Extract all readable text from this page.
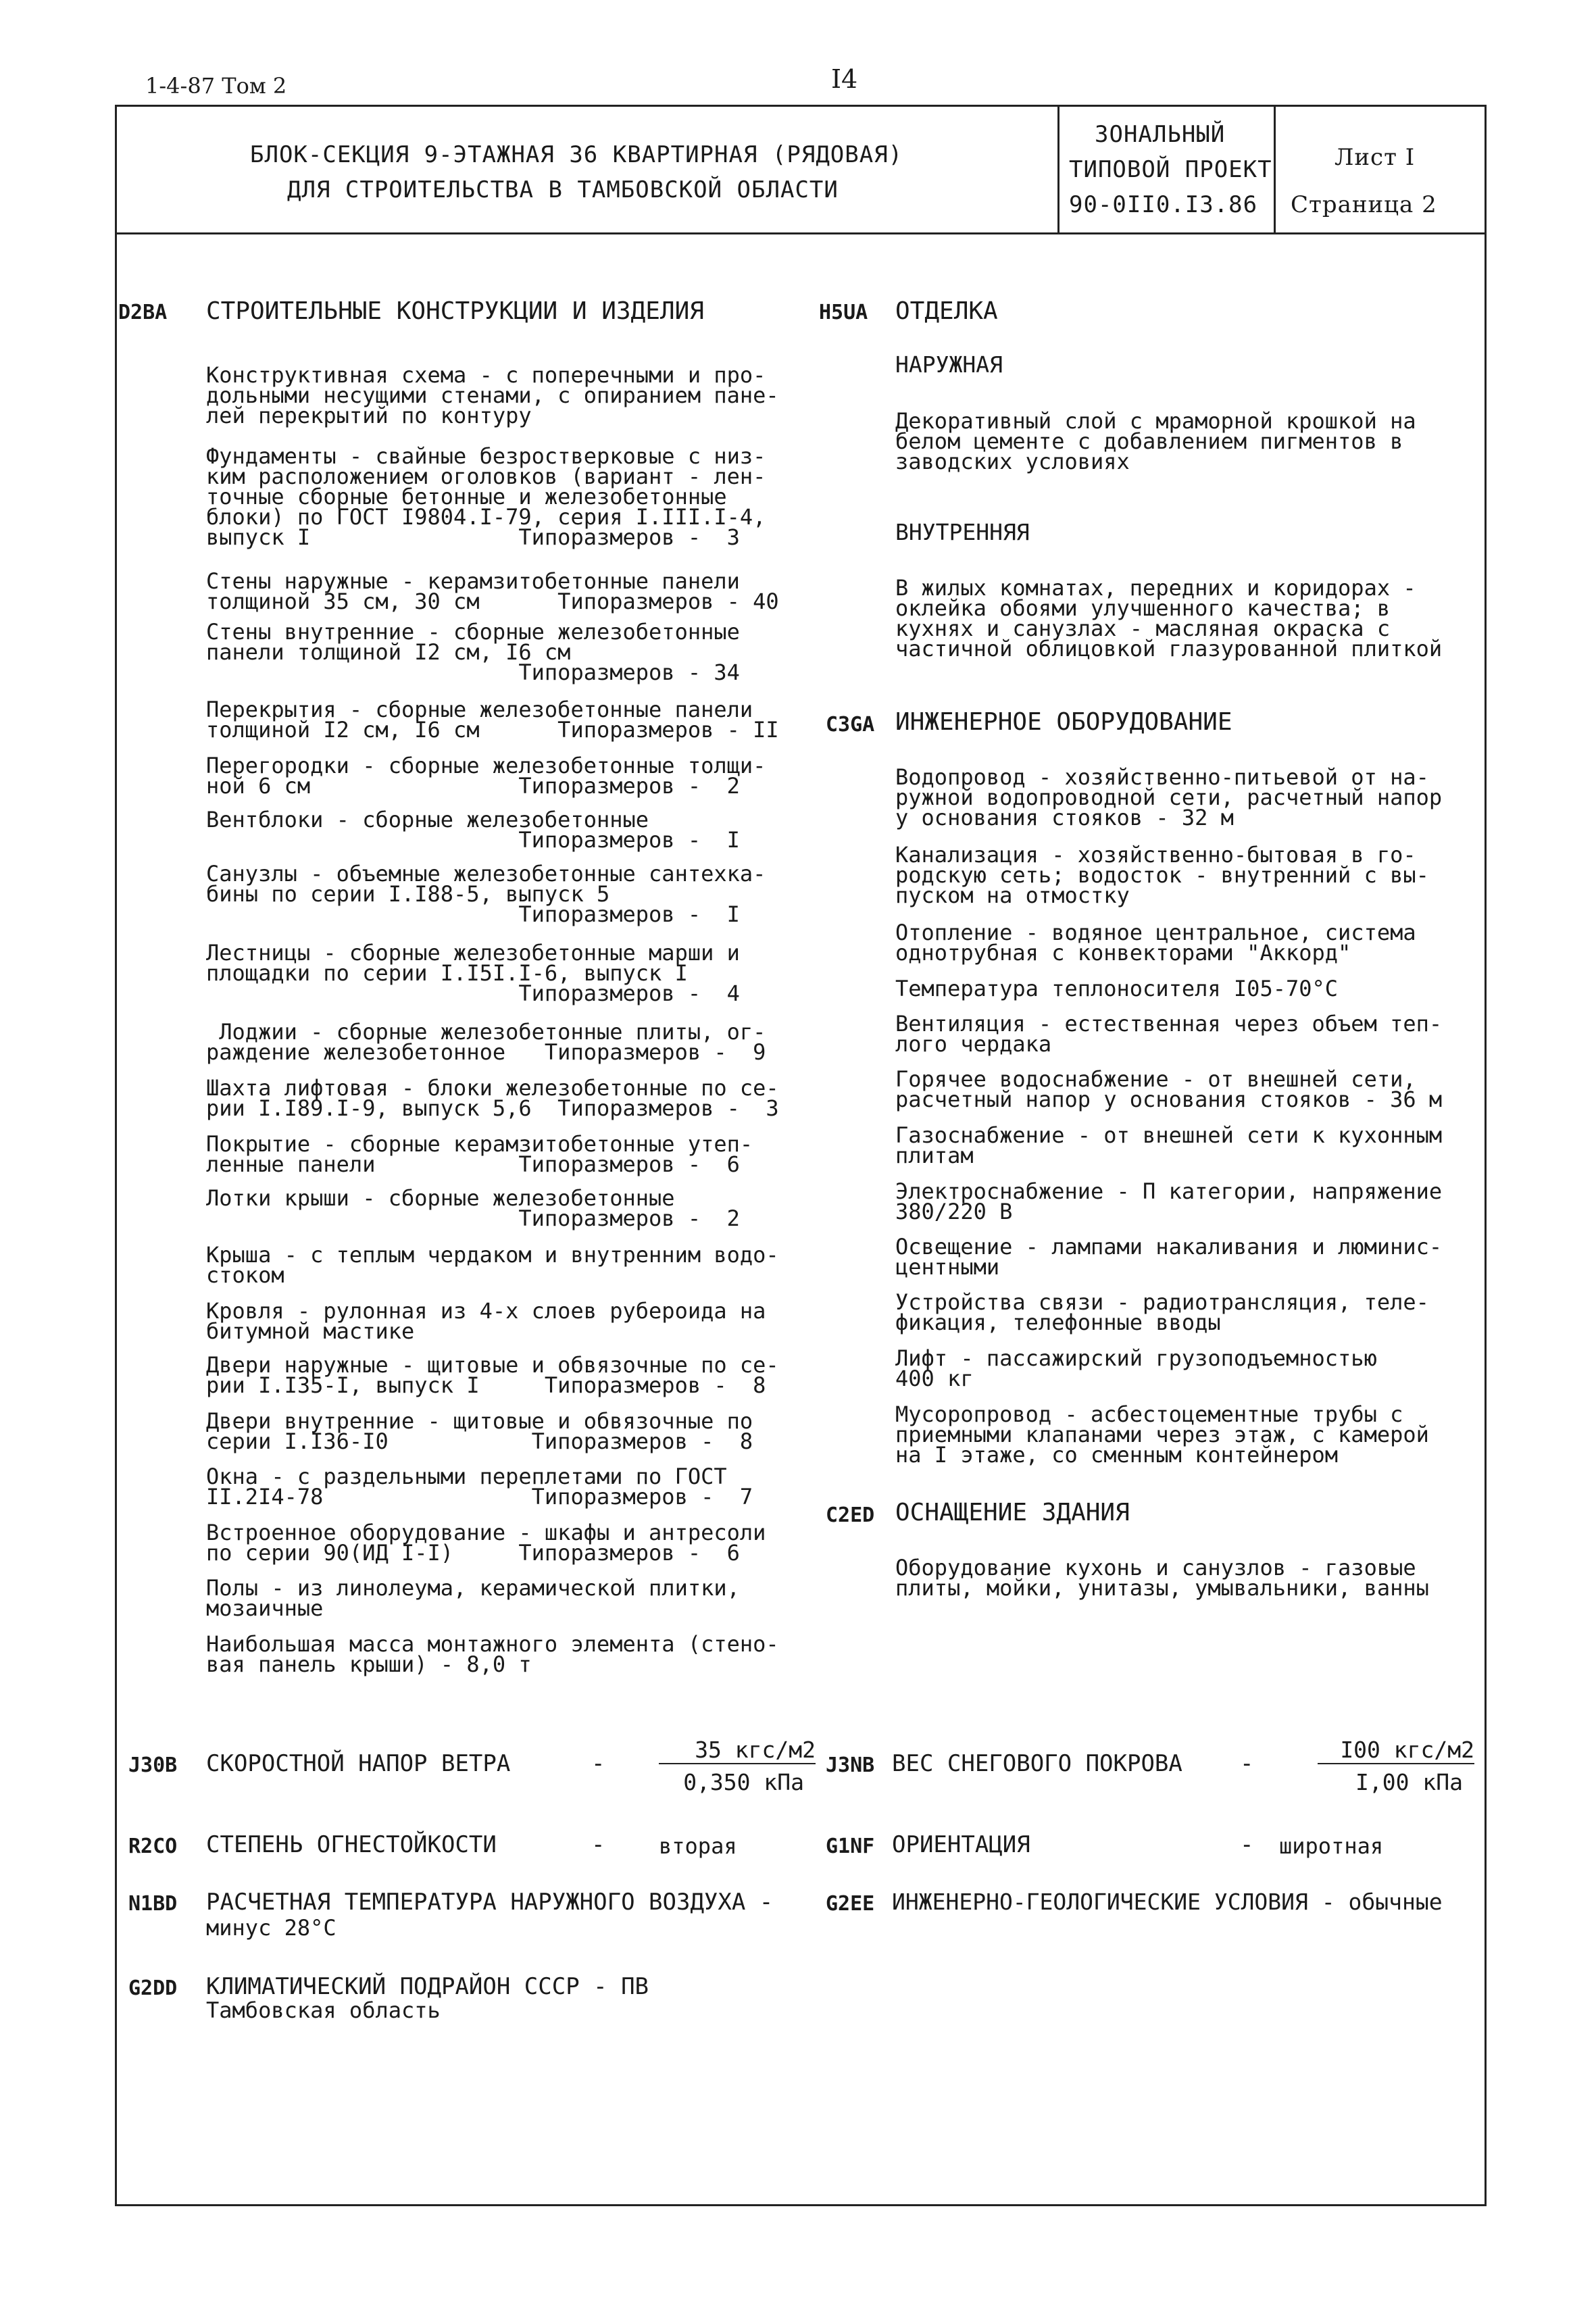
1-4-87 Том 2	I4
БЛОК-СЕКЦИЯ 9-ЭТАЖНАЯ 36 КВАРТИРНАЯ (РЯДОВАЯ)
ДЛЯ СТРОИТЕЛЬСТВА В ТАМБОВСКОЙ ОБЛАСТИ
ЗОНАЛЬНЫЙ
ТИПОВОЙ ПРОЕКТ
90-0II0.I3.86
Лист I
Страница 2
D2BA СТРОИТЕЛЬНЫЕ КОНСТРУКЦИИ И ИЗДЕЛИЯ
Конструктивная схема - с поперечными и про-
дольными несущими стенами, с опиранием пане-
лей перекрытий по контуру
Фундаменты - свайные безростверковые с низ-
ким расположением оголовков (вариант - лен-
точные сборные бетонные и железобетонные
блоки) по ГОСТ I9804.I-79, серия I.III.I-4,
выпуск I                Типоразмеров -  3
Стены наружные - керамзитобетонные панели
толщиной 35 см, 30 см      Типоразмеров - 40
Стены внутренние - сборные железобетонные
панели толщиной I2 см, I6 см
Типоразмеров - 34
Перекрытия - сборные железобетонные панели
толщиной I2 см, I6 см      Типоразмеров - II
Перегородки - сборные железобетонные толщи-
ной 6 см                Типоразмеров -  2
Вентблоки - сборные железобетонные
Типоразмеров -  I
Санузлы - объемные железобетонные сантехка-
бины по серии I.I88-5, выпуск 5
Типоразмеров -  I
Лестницы - сборные железобетонные марши и
площадки по серии I.I5I.I-6, выпуск I
Типоразмеров -  4
Лоджии - сборные железобетонные плиты, ог-
раждение железобетонное   Типоразмеров -  9
Шахта лифтовая - блоки железобетонные по се-
рии I.I89.I-9, выпуск 5,6  Типоразмеров -  3
Покрытие - сборные керамзитобетонные утеп-
ленные панели           Типоразмеров -  6
Лотки крыши - сборные железобетонные
Типоразмеров -  2
Крыша - с теплым чердаком и внутренним водо-
стоком
Кровля - рулонная из 4-х слоев рубероида на
битумной мастике
Двери наружные - щитовые и обвязочные по се-
рии I.I35-I, выпуск I     Типоразмеров -  8
Двери внутренние - щитовые и обвязочные по
серии I.I36-I0           Типоразмеров -  8
Окна - с раздельными переплетами по ГОСТ
II.2I4-78                Типоразмеров -  7
Встроенное оборудование - шкафы и антресоли
по серии 90(ИД I-I)     Типоразмеров -  6
Полы - из линолеума, керамической плитки,
мозаичные
Наибольшая масса монтажного элемента (стено-
вая панель крыши) - 8,0 т
H5UA ОТДЕЛКА
НАРУЖНАЯ
Декоративный слой с мраморной крошкой на
белом цементе с добавлением пигментов в
заводских условиях
ВНУТРЕННЯЯ
В жилых комнатах, передних и коридорах -
оклейка обоями улучшенного качества; в
кухнях и санузлах - масляная окраска с
частичной облицовкой глазурованной плиткой
C3GA ИНЖЕНЕРНОЕ ОБОРУДОВАНИЕ
Водопровод - хозяйственно-питьевой от на-
ружной водопроводной сети, расчетный напор
у основания стояков - 32 м
Канализация - хозяйственно-бытовая в го-
родскую сеть; водосток - внутренний с вы-
пуском на отмостку
Отопление - водяное центральное, система
однотрубная с конвекторами "Аккорд"
Температура теплоносителя I05-70°C
Вентиляция - естественная через объем теп-
лого чердака
Горячее водоснабжение - от внешней сети,
расчетный напор у основания стояков - 36 м
Газоснабжение - от внешней сети к кухонным
плитам
Электроснабжение - П категории, напряжение
380/220 В
Освещение - лампами накаливания и люминис-
центными
Устройства связи - радиотрансляция, теле-
фикация, телефонные вводы
Лифт - пассажирский грузоподъемностью
400 кг
Мусоропровод - асбестоцементные трубы с
приемными клапанами через этаж, с камерой
на I этаже, со сменным контейнером
C2ED ОСНАЩЕНИЕ ЗДАНИЯ
Оборудование кухонь и санузлов - газовые
плиты, мойки, унитазы, умывальники, ванны
J30B СКОРОСТНОЙ НАПОР ВЕТРА	-
35 кгс/м2
0,350 кПа
J3NB ВЕС СНЕГОВОГО ПОКРОВА	-
I00 кгс/м2
I,00 кПа
R2CO СТЕПЕНЬ ОГНЕСТОЙКОСТИ	- вторая	G1NF ОРИЕНТАЦИЯ	- широтная
N1BD РАСЧЕТНАЯ ТЕМПЕРАТУРА НАРУЖНОГО ВОЗДУХА -
минус 28°C
G2EE ИНЖЕНЕРНО-ГЕОЛОГИЧЕСКИЕ УСЛОВИЯ - обычные
G2DD КЛИМАТИЧЕСКИЙ ПОДРАЙОН СССР - ПВ
Тамбовская область
